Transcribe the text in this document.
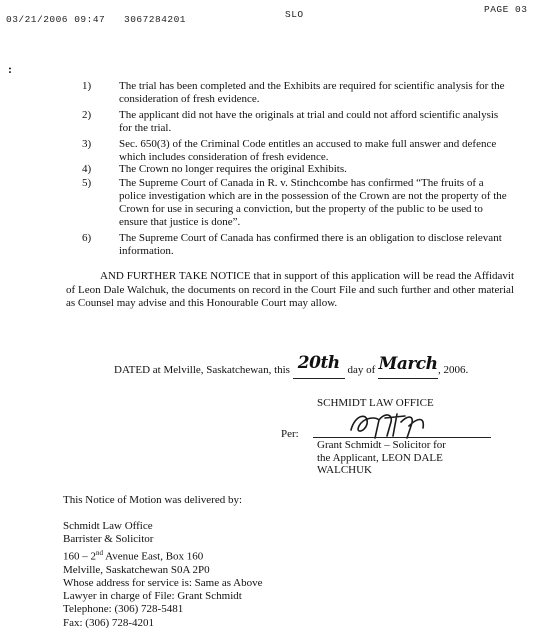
03/21/2006 09:47 3067284201	SLO	PAGE 03
:
1)	The trial has been completed and the Exhibits are required for scientific analysis for the consideration of fresh evidence.
2)	The applicant did not have the originals at trial and could not afford scientific analysis for the trial.
3)	Sec. 650(3) of the Criminal Code entitles an accused to make full answer and defence which includes consideration of fresh evidence.
4)	The Crown no longer requires the original Exhibits.
5)	The Supreme Court of Canada in R. v. Stinchcombe has confirmed “The fruits of a police investigation which are in the possession of the Crown are not the property of the Crown for use in securing a conviction, but the property of the public to be used to ensure that justice is done”.
6)	The Supreme Court of Canada has confirmed there is an obligation to disclose relevant information.
AND FURTHER TAKE NOTICE that in support of this application will be read the Affidavit of Leon Dale Walchuk, the documents on record in the Court File and such further and other material as Counsel may advise and this Honourable Court may allow.
DATED at Melville, Saskatchewan, this 20th day of March, 2006.
SCHMIDT LAW OFFICE
Per:
Grant Schmidt – Solicitor for
the Applicant, LEON DALE
WALCHUK
This Notice of Motion was delivered by:
Schmidt Law Office
Barrister & Solicitor
160 – 2nd Avenue East, Box 160
Melville, Saskatchewan S0A 2P0
Whose address for service is: Same as Above
Lawyer in charge of File: Grant Schmidt
Telephone: (306) 728-5481
Fax: (306) 728-4201
